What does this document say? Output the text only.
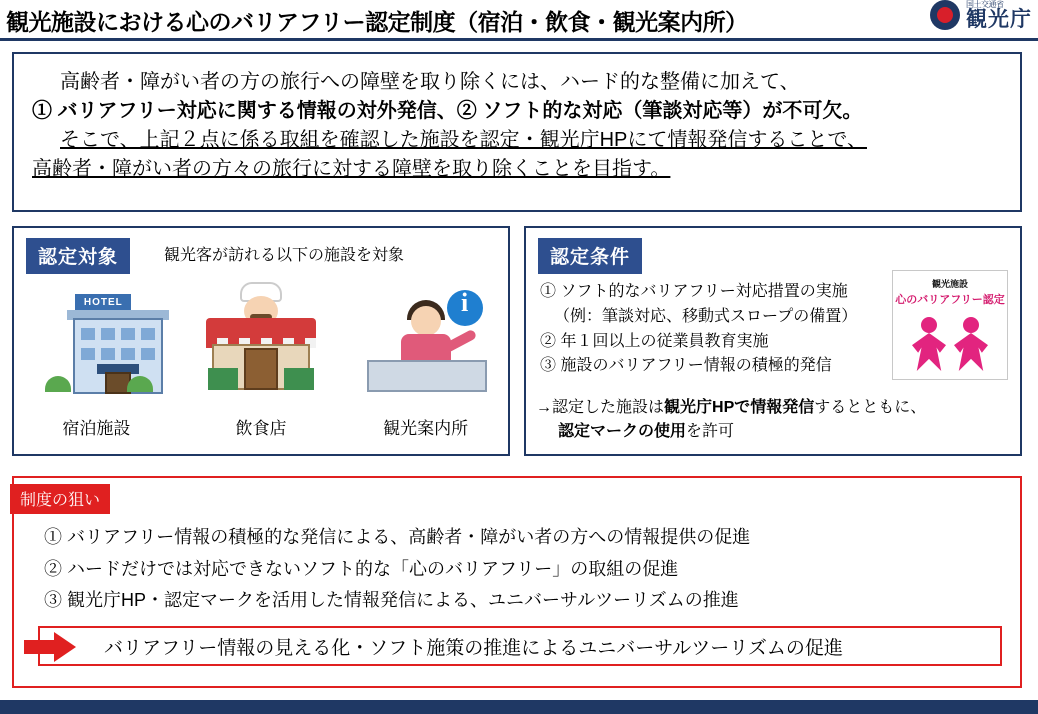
観光施設における心のバリアフリー認定制度（宿泊・飲食・観光案内所）
国土交通省
観光庁
高齢者・障がい者の方の旅行への障壁を取り除くには、ハード的な整備に加えて、
① バリアフリー対応に関する情報の対外発信、② ソフト的な対応（筆談対応等）が不可欠。
そこで、上記２点に係る取組を確認した施設を認定・観光庁HPにて情報発信することで、
高齢者・障がい者の方々の旅行に対する障壁を取り除くことを目指す。
認定対象	観光客が訪れる以下の施設を対象
HOTEL
宿泊施設	飲食店
i	観光案内所
認定条件
① ソフト的なバリアフリー対応措置の実施
（例：筆談対応、移動式スロープの備置）
② 年１回以上の従業員教育実施
③ 施設のバリアフリー情報の積極的発信
→認定した施設は観光庁HPで情報発信するとともに、
認定マークの使用を許可
観光施設
心のバリアフリー認定
① バリアフリー情報の積極的な発信による、高齢者・障がい者の方への情報提供の促進
② ハードだけでは対応できないソフト的な「心のバリアフリー」の取組の促進
③ 観光庁HP・認定マークを活用した情報発信による、ユニバーサルツーリズムの推進
バリアフリー情報の見える化・ソフト施策の推進によるユニバーサルツーリズムの促進
制度の狙い
